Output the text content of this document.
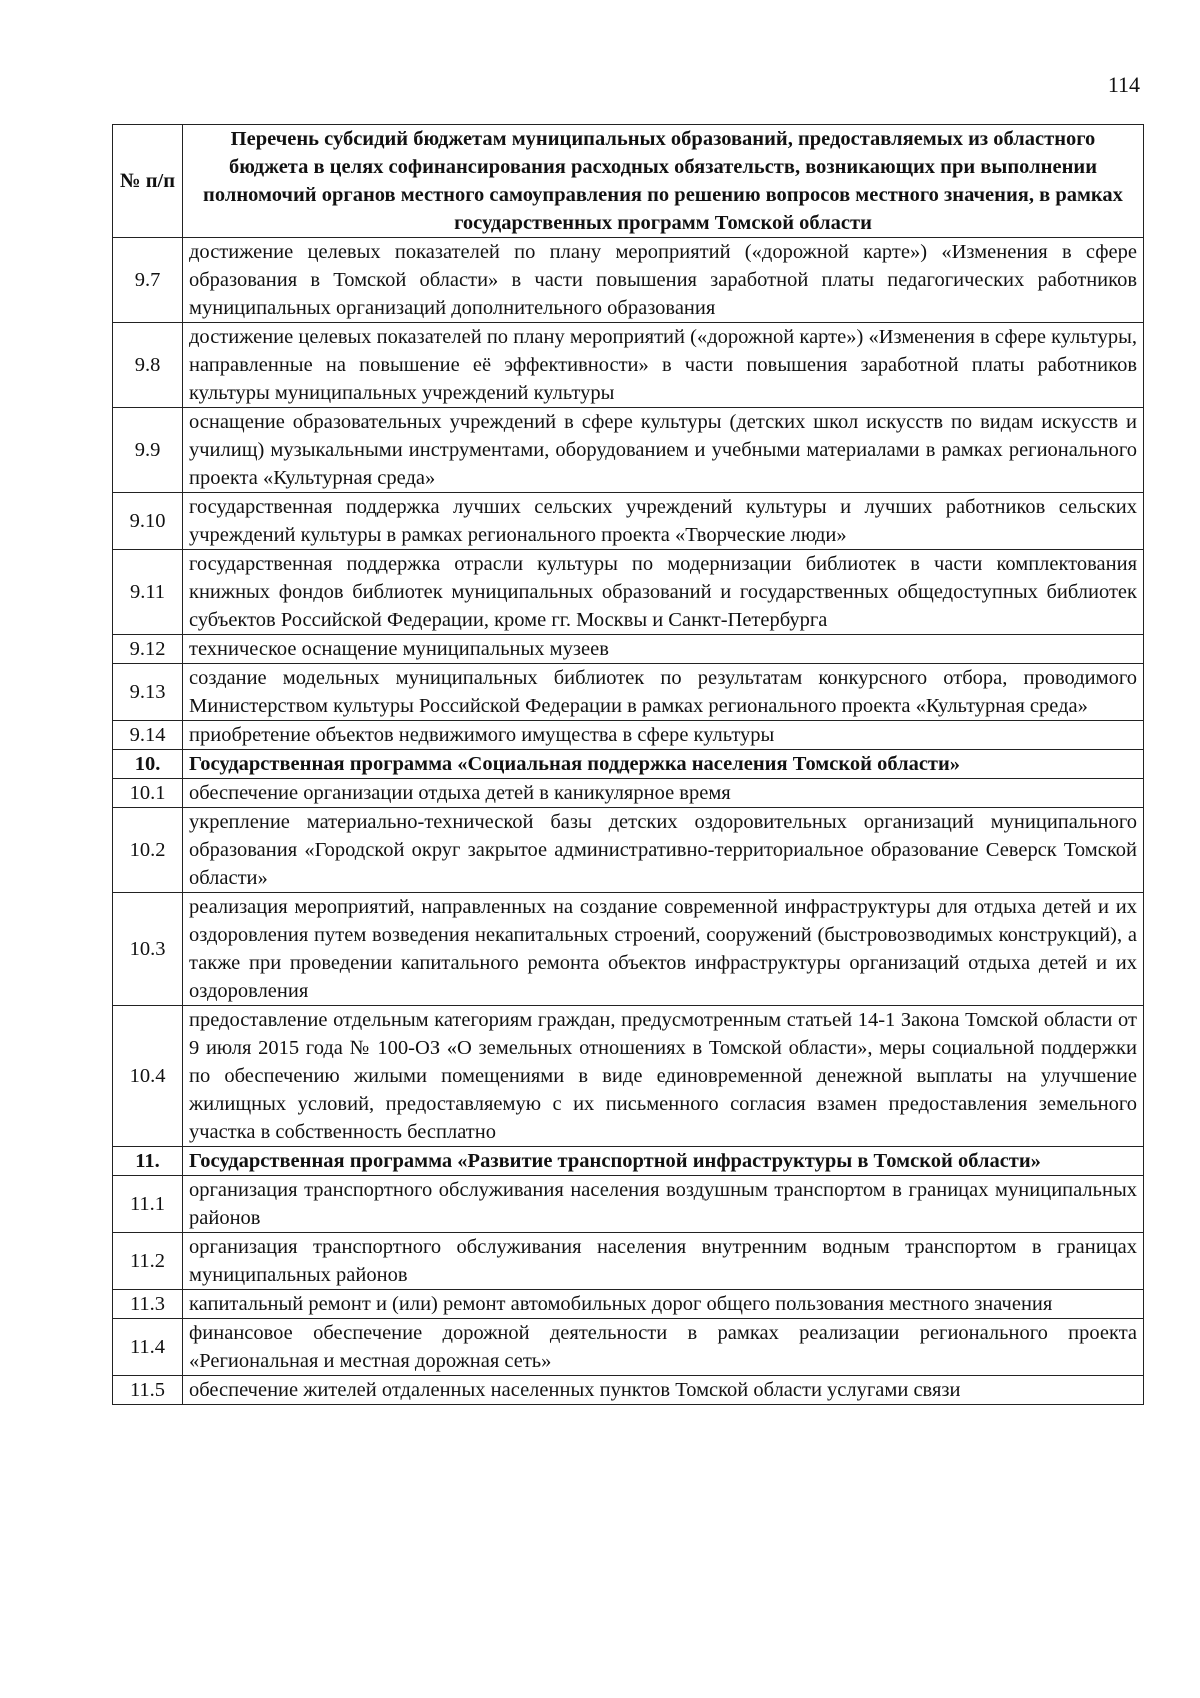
114
№ п/п	Перечень субсидий бюджетам муниципальных образований, предоставляемых из областного бюджета в целях софинансирования расходных обязательств, возникающих при выполнении полномочий органов местного самоуправления по решению вопросов местного значения, в рамках государственных программ Томской области
9.7	достижение целевых показателей по плану мероприятий («дорожной карте») «Изменения в сфере образования в Томской области» в части повышения заработной платы педагогических работников муниципальных организаций дополнительного образования
9.8	достижение целевых показателей по плану мероприятий («дорожной карте») «Изменения в сфере культуры, направленные на повышение её эффективности» в части повышения заработной платы работников культуры муниципальных учреждений культуры
9.9	оснащение образовательных учреждений в сфере культуры (детских школ искусств по видам искусств и училищ) музыкальными инструментами, оборудованием и учебными материалами в рамках регионального проекта «Культурная среда»
9.10	государственная поддержка лучших сельских учреждений культуры и лучших работников сельских учреждений культуры в рамках регионального проекта «Творческие люди»
9.11	государственная поддержка отрасли культуры по модернизации библиотек в части комплектования книжных фондов библиотек муниципальных образований и государственных общедоступных библиотек субъектов Российской Федерации, кроме гг. Москвы и Санкт-Петербурга
9.12	техническое оснащение муниципальных музеев
9.13	создание модельных муниципальных библиотек по результатам конкурсного отбора, проводимого Министерством культуры Российской Федерации в рамках регионального проекта «Культурная среда»
9.14	приобретение объектов недвижимого имущества в сфере культуры
10.	Государственная программа «Социальная поддержка населения Томской области»
10.1	обеспечение организации отдыха детей в каникулярное время
10.2	укрепление материально-технической базы детских оздоровительных организаций муниципального образования «Городской округ закрытое административно-территориальное образование Северск Томской области»
10.3	реализация мероприятий, направленных на создание современной инфраструктуры для отдыха детей и их оздоровления путем возведения некапитальных строений, сооружений (быстровозводимых конструкций), а также при проведении капитального ремонта объектов инфраструктуры организаций отдыха детей и их оздоровления
10.4	предоставление отдельным категориям граждан, предусмотренным статьей 14-1 Закона Томской области от 9 июля 2015 года № 100-ОЗ «О земельных отношениях в Томской области», меры социальной поддержки по обеспечению жилыми помещениями в виде единовременной денежной выплаты на улучшение жилищных условий, предоставляемую с их письменного согласия взамен предоставления земельного участка в собственность бесплатно
11.	Государственная программа «Развитие транспортной инфраструктуры в Томской области»
11.1	организация транспортного обслуживания населения воздушным транспортом в границах муниципальных районов
11.2	организация транспортного обслуживания населения внутренним водным транспортом в границах муниципальных районов
11.3	капитальный ремонт и (или) ремонт автомобильных дорог общего пользования местного значения
11.4	финансовое обеспечение дорожной деятельности в рамках реализации регионального проекта «Региональная и местная дорожная сеть»
11.5	обеспечение жителей отдаленных населенных пунктов Томской области услугами связи
